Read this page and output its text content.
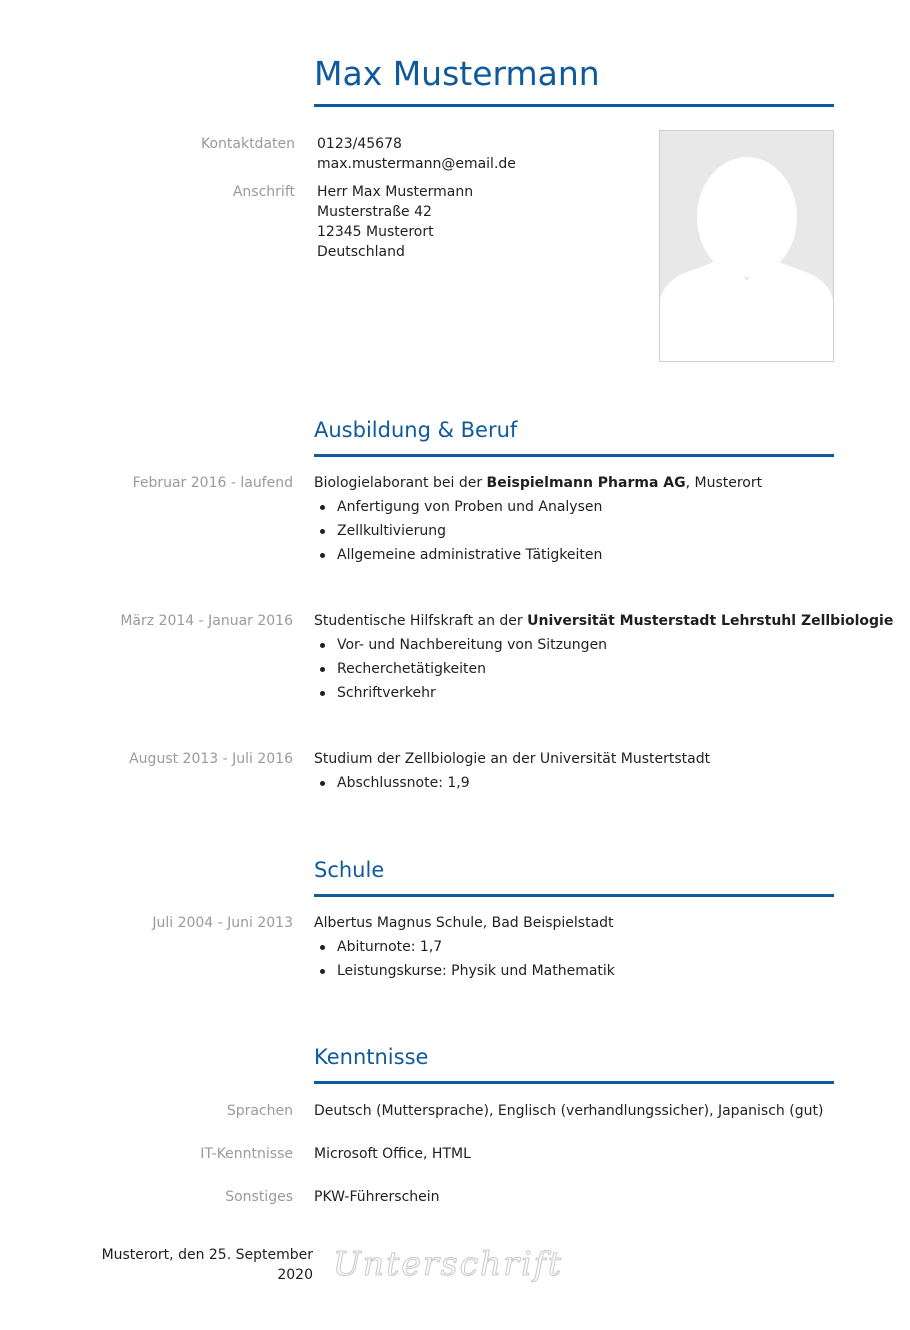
Max Mustermann
Kontaktdaten 0123/45678
max.mustermann@email.de
Anschrift Herr Max Mustermann
Musterstraße 42
12345 Musterort
Deutschland
Ausbildung & Beruf
Februar 2016 - laufend Biologielaborant bei der Beispielmann Pharma AG, Musterort
Anfertigung von Proben und Analysen
Zellkultivierung
Allgemeine administrative Tätigkeiten
März 2014 - Januar 2016 Studentische Hilfskraft an der Universität Musterstadt Lehrstuhl Zellbiologie
Vor- und Nachbereitung von Sitzungen
Recherchetätigkeiten
Schriftverkehr
August 2013 - Juli 2016 Studium der Zellbiologie an der Universität Mustertstadt
Abschlussnote: 1,9
Schule
Juli 2004 - Juni 2013 Albertus Magnus Schule, Bad Beispielstadt
Abiturnote: 1,7
Leistungskurse: Physik und Mathematik
Kenntnisse
Sprachen Deutsch (Muttersprache), Englisch (verhandlungssicher), Japanisch (gut)
IT-Kenntnisse Microsoft Office, HTML
Sonstiges PKW-Führerschein
Musterort, den 25. September
2020 Unterschrift
